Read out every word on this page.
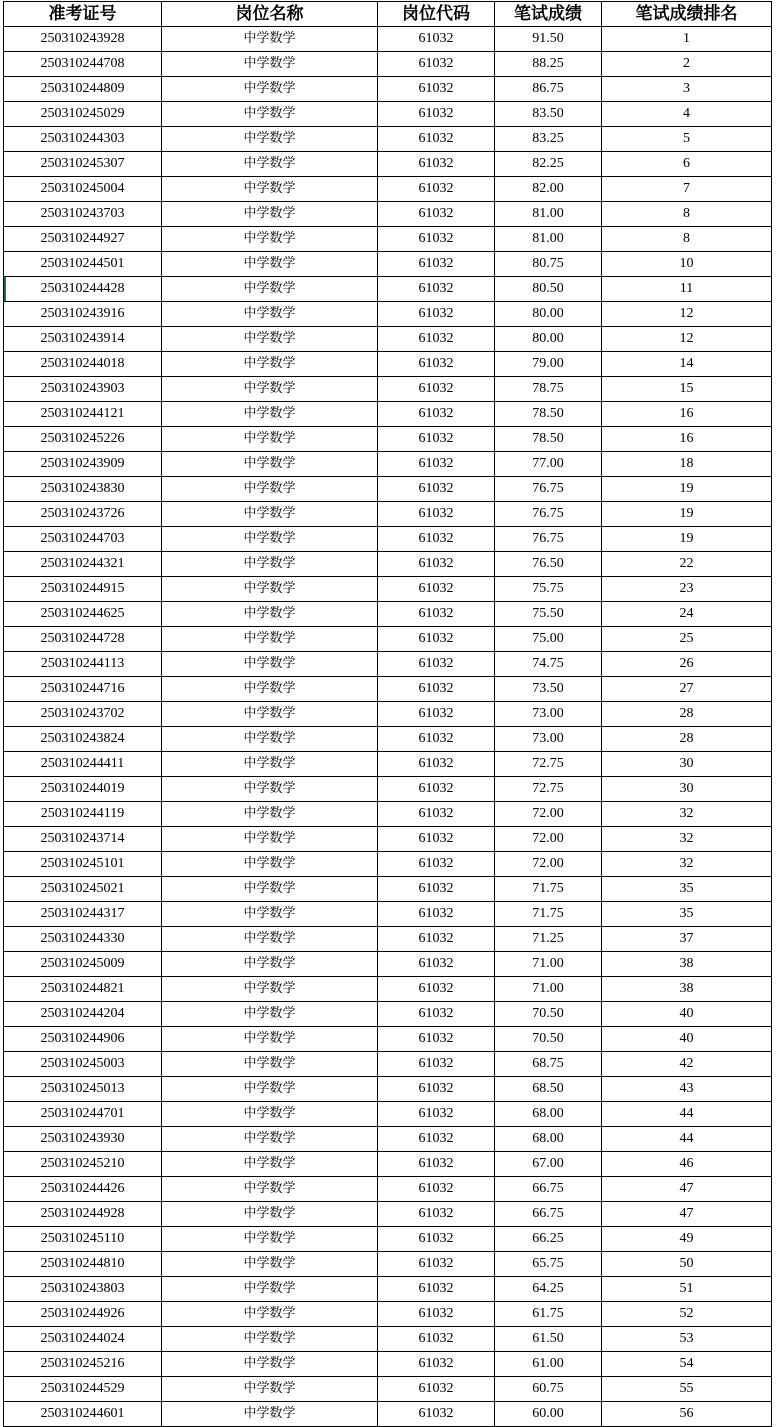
准考证号	岗位名称	岗位代码	笔试成绩	笔试成绩排名
250310243928	中学数学	61032	91.50	1
250310244708	中学数学	61032	88.25	2
250310244809	中学数学	61032	86.75	3
250310245029	中学数学	61032	83.50	4
250310244303	中学数学	61032	83.25	5
250310245307	中学数学	61032	82.25	6
250310245004	中学数学	61032	82.00	7
250310243703	中学数学	61032	81.00	8
250310244927	中学数学	61032	81.00	8
250310244501	中学数学	61032	80.75	10
250310244428	中学数学	61032	80.50	11
250310243916	中学数学	61032	80.00	12
250310243914	中学数学	61032	80.00	12
250310244018	中学数学	61032	79.00	14
250310243903	中学数学	61032	78.75	15
250310244121	中学数学	61032	78.50	16
250310245226	中学数学	61032	78.50	16
250310243909	中学数学	61032	77.00	18
250310243830	中学数学	61032	76.75	19
250310243726	中学数学	61032	76.75	19
250310244703	中学数学	61032	76.75	19
250310244321	中学数学	61032	76.50	22
250310244915	中学数学	61032	75.75	23
250310244625	中学数学	61032	75.50	24
250310244728	中学数学	61032	75.00	25
250310244113	中学数学	61032	74.75	26
250310244716	中学数学	61032	73.50	27
250310243702	中学数学	61032	73.00	28
250310243824	中学数学	61032	73.00	28
250310244411	中学数学	61032	72.75	30
250310244019	中学数学	61032	72.75	30
250310244119	中学数学	61032	72.00	32
250310243714	中学数学	61032	72.00	32
250310245101	中学数学	61032	72.00	32
250310245021	中学数学	61032	71.75	35
250310244317	中学数学	61032	71.75	35
250310244330	中学数学	61032	71.25	37
250310245009	中学数学	61032	71.00	38
250310244821	中学数学	61032	71.00	38
250310244204	中学数学	61032	70.50	40
250310244906	中学数学	61032	70.50	40
250310245003	中学数学	61032	68.75	42
250310245013	中学数学	61032	68.50	43
250310244701	中学数学	61032	68.00	44
250310243930	中学数学	61032	68.00	44
250310245210	中学数学	61032	67.00	46
250310244426	中学数学	61032	66.75	47
250310244928	中学数学	61032	66.75	47
250310245110	中学数学	61032	66.25	49
250310244810	中学数学	61032	65.75	50
250310243803	中学数学	61032	64.25	51
250310244926	中学数学	61032	61.75	52
250310244024	中学数学	61032	61.50	53
250310245216	中学数学	61032	61.00	54
250310244529	中学数学	61032	60.75	55
250310244601	中学数学	61032	60.00	56
